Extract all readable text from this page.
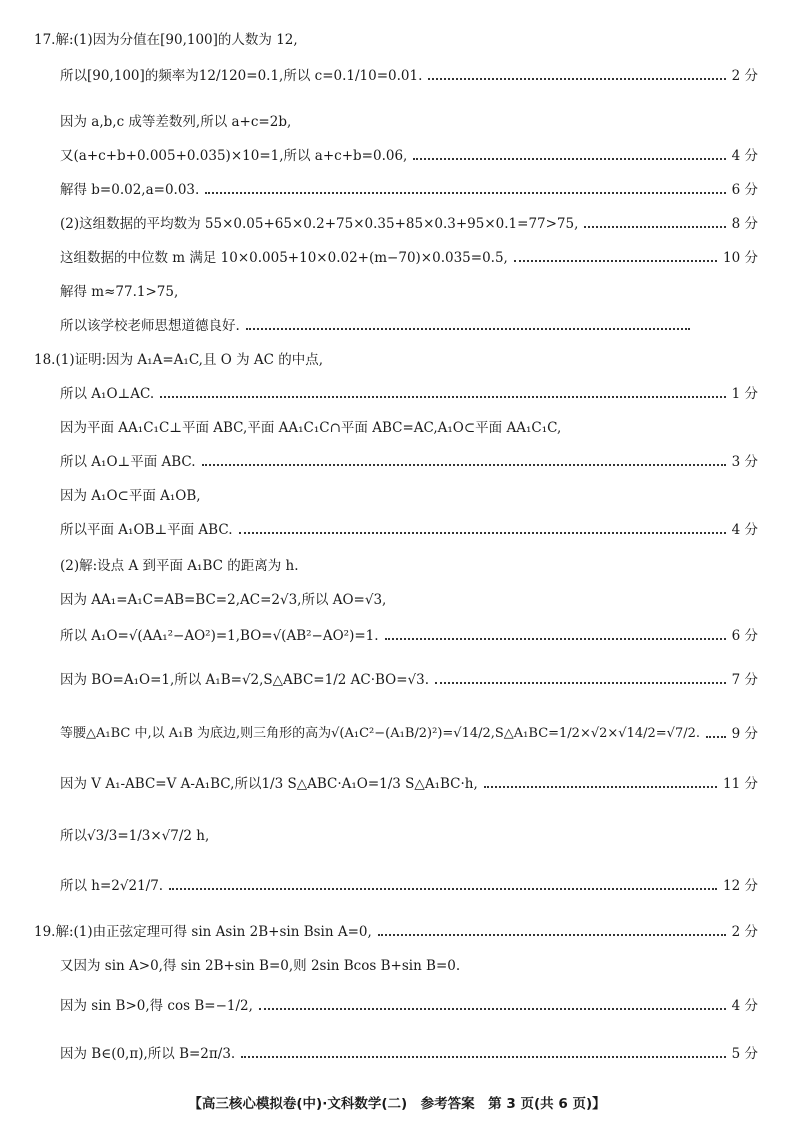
17.解:(1)因为分值在[90,100]的人数为 12,
所以[90,100]的频率为12/120=0.1,所以 c=0.1/10=0.01.	2 分
因为 a,b,c 成等差数列,所以 a+c=2b,
又(a+c+b+0.005+0.035)×10=1,所以 a+c+b=0.06,	4 分
解得 b=0.02,a=0.03.	6 分
(2)这组数据的平均数为 55×0.05+65×0.2+75×0.35+85×0.3+95×0.1=77>75,	8 分
这组数据的中位数 m 满足 10×0.005+10×0.02+(m−70)×0.035=0.5,	10 分
解得 m≈77.1>75,
所以该学校老师思想道德良好.
18.(1)证明:因为 A₁A=A₁C,且 O 为 AC 的中点,
所以 A₁O⊥AC.	1 分
因为平面 AA₁C₁C⊥平面 ABC,平面 AA₁C₁C∩平面 ABC=AC,A₁O⊂平面 AA₁C₁C,
所以 A₁O⊥平面 ABC.	3 分
因为 A₁O⊂平面 A₁OB,
所以平面 A₁OB⊥平面 ABC.	4 分
(2)解:设点 A 到平面 A₁BC 的距离为 h.
因为 AA₁=A₁C=AB=BC=2,AC=2√3,所以 AO=√3,
所以 A₁O=√(AA₁²−AO²)=1,BO=√(AB²−AO²)=1.	6 分
因为 BO=A₁O=1,所以 A₁B=√2,S△ABC=1/2 AC·BO=√3.	7 分
等腰△A₁BC 中,以 A₁B 为底边,则三角形的高为√(A₁C²−(A₁B/2)²)=√14/2,S△A₁BC=1/2×√2×√14/2=√7/2. 9 分
因为 V A₁-ABC=V A-A₁BC,所以1/3 S△ABC·A₁O=1/3 S△A₁BC·h,	11 分
所以√3/3=1/3×√7/2 h,
所以 h=2√21/7.	12 分
19.解:(1)由正弦定理可得 sin Asin 2B+sin Bsin A=0,	2 分
又因为 sin A>0,得 sin 2B+sin B=0,则 2sin Bcos B+sin B=0.
因为 sin B>0,得 cos B=−1/2,	4 分
因为 B∈(0,π),所以 B=2π/3.	5 分
【高三核心模拟卷(中)·文科数学(二)　参考答案　第 3 页(共 6 页)】
